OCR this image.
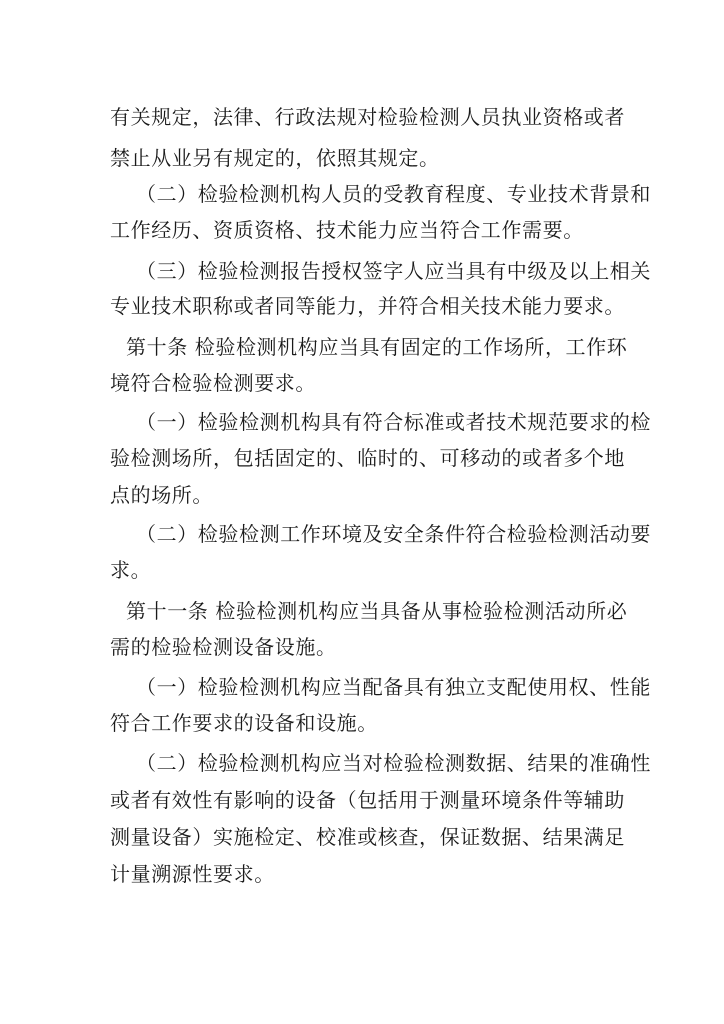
有关规定，法律、行政法规对检验检测人员执业资格或者
禁止从业另有规定的，依照其规定。
（二）检验检测机构人员的受教育程度、专业技术背景和
工作经历、资质资格、技术能力应当符合工作需要。
（三）检验检测报告授权签字人应当具有中级及以上相关
专业技术职称或者同等能力，并符合相关技术能力要求。
第十条 检验检测机构应当具有固定的工作场所，工作环
境符合检验检测要求。
（一）检验检测机构具有符合标准或者技术规范要求的检
验检测场所，包括固定的、临时的、可移动的或者多个地
点的场所。
（二）检验检测工作环境及安全条件符合检验检测活动要
求。
第十一条 检验检测机构应当具备从事检验检测活动所必
需的检验检测设备设施。
（一）检验检测机构应当配备具有独立支配使用权、性能
符合工作要求的设备和设施。
（二）检验检测机构应当对检验检测数据、结果的准确性
或者有效性有影响的设备（包括用于测量环境条件等辅助
测量设备）实施检定、校准或核查，保证数据、结果满足
计量溯源性要求。
